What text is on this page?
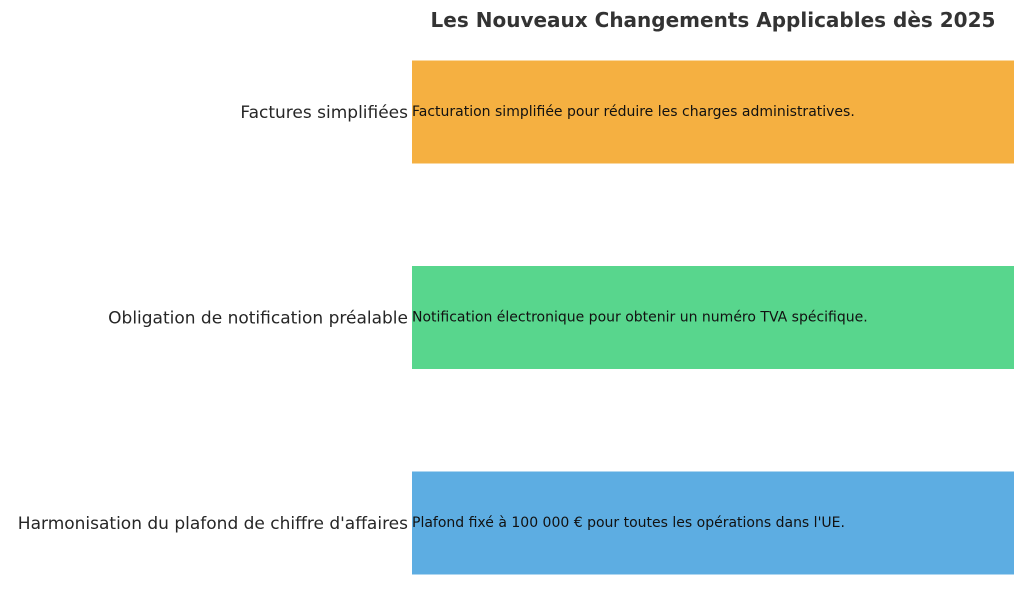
Les Nouveaux Changements Applicables dès 2025
Factures simplifiées Facturation simplifiée pour réduire les charges administratives.
Obligation de notification préalable Notification électronique pour obtenir un numéro TVA spécifique.
Harmonisation du plafond de chiffre d'affaires Plafond fixé à 100 000 € pour toutes les opérations dans l'UE.
